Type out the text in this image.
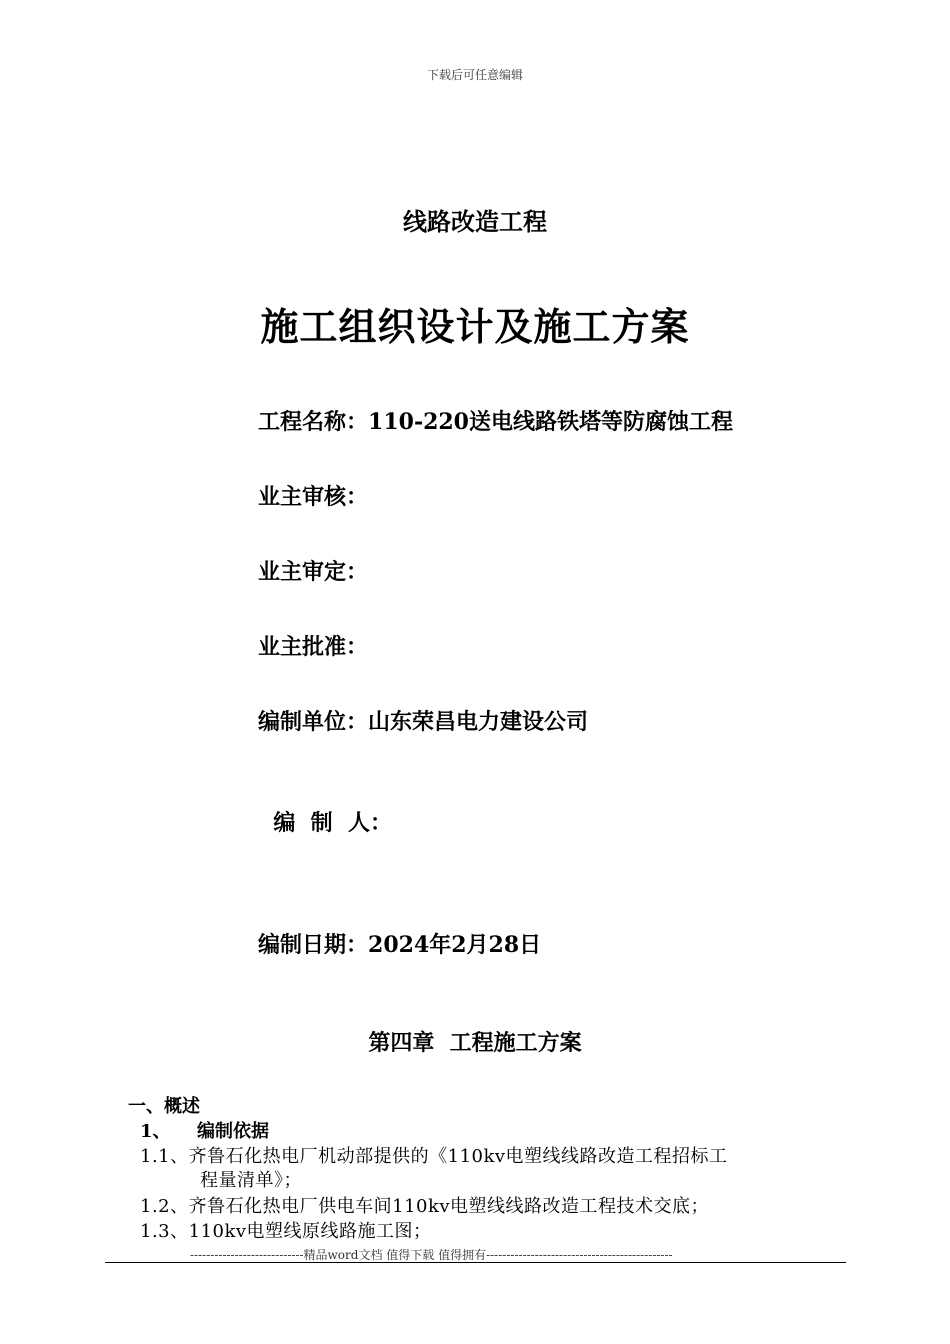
下载后可任意编辑
线路改造工程
施工组织设计及施工方案
工程名称：110-220送电线路铁塔等防腐蚀工程
业主审核：
业主审定：
业主批准：
编制单位：山东荣昌电力建设公司

编  制  人：

编制日期：2024年2月28日
第四章  工程施工方案
一、概述
1、 编制依据
1.1、齐鲁石化热电厂机动部提供的《110kv电塑线线路改造工程招标工
程量清单》；
1.2、齐鲁石化热电厂供电车间110kv电塑线线路改造工程技术交底；
1.3、110kv电塑线原线路施工图；
----------------------------精品word文档 值得下载 值得拥有----------------------------------------------
